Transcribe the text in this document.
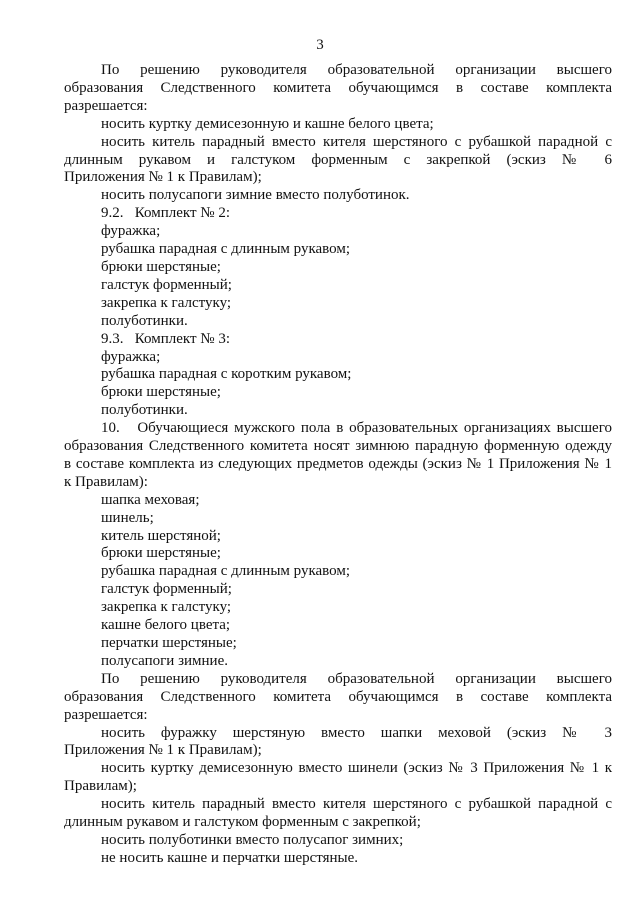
3

По решению руководителя образовательной организации высшего
образования Следственного комитета обучающимся в составе комплекта
разрешается:

носить куртку демисезонную и кашне белого цвета;

носить китель парадный вместо кителя шерстяного с рубашкой парадной с
длинным рукавом и галстуком форменным с закрепкой (эскиз № 6
Приложения № 1 к Правилам);

носить полусапоги зимние вместо полуботинок.

9.2.   Комплект № 2:

фуражка;

рубашка парадная с длинным рукавом;

брюки шерстяные;

галстук форменный;

закрепка к галстуку;

полуботинки.

9.3.   Комплект № 3:

фуражка;

рубашка парадная с коротким рукавом;

брюки шерстяные;

полуботинки.

10.   Обучающиеся мужского пола в образовательных организациях высшего
образования Следственного комитета носят зимнюю парадную форменную одежду
в составе комплекта из следующих предметов одежды (эскиз № 1 Приложения № 1
к Правилам):

шапка меховая;

шинель;

китель шерстяной;

брюки шерстяные;

рубашка парадная с длинным рукавом;

галстук форменный;

закрепка к галстуку;

кашне белого цвета;

перчатки шерстяные;

полусапоги зимние.

По решению руководителя образовательной организации высшего
образования Следственного комитета обучающимся в составе комплекта
разрешается:

носить фуражку шерстяную вместо шапки меховой (эскиз № 3
Приложения № 1 к Правилам);

носить куртку демисезонную вместо шинели (эскиз № 3 Приложения № 1 к
Правилам);

носить китель парадный вместо кителя шерстяного с рубашкой парадной с
длинным рукавом и галстуком форменным с закрепкой;

носить полуботинки вместо полусапог зимних;

не носить кашне и перчатки шерстяные.
